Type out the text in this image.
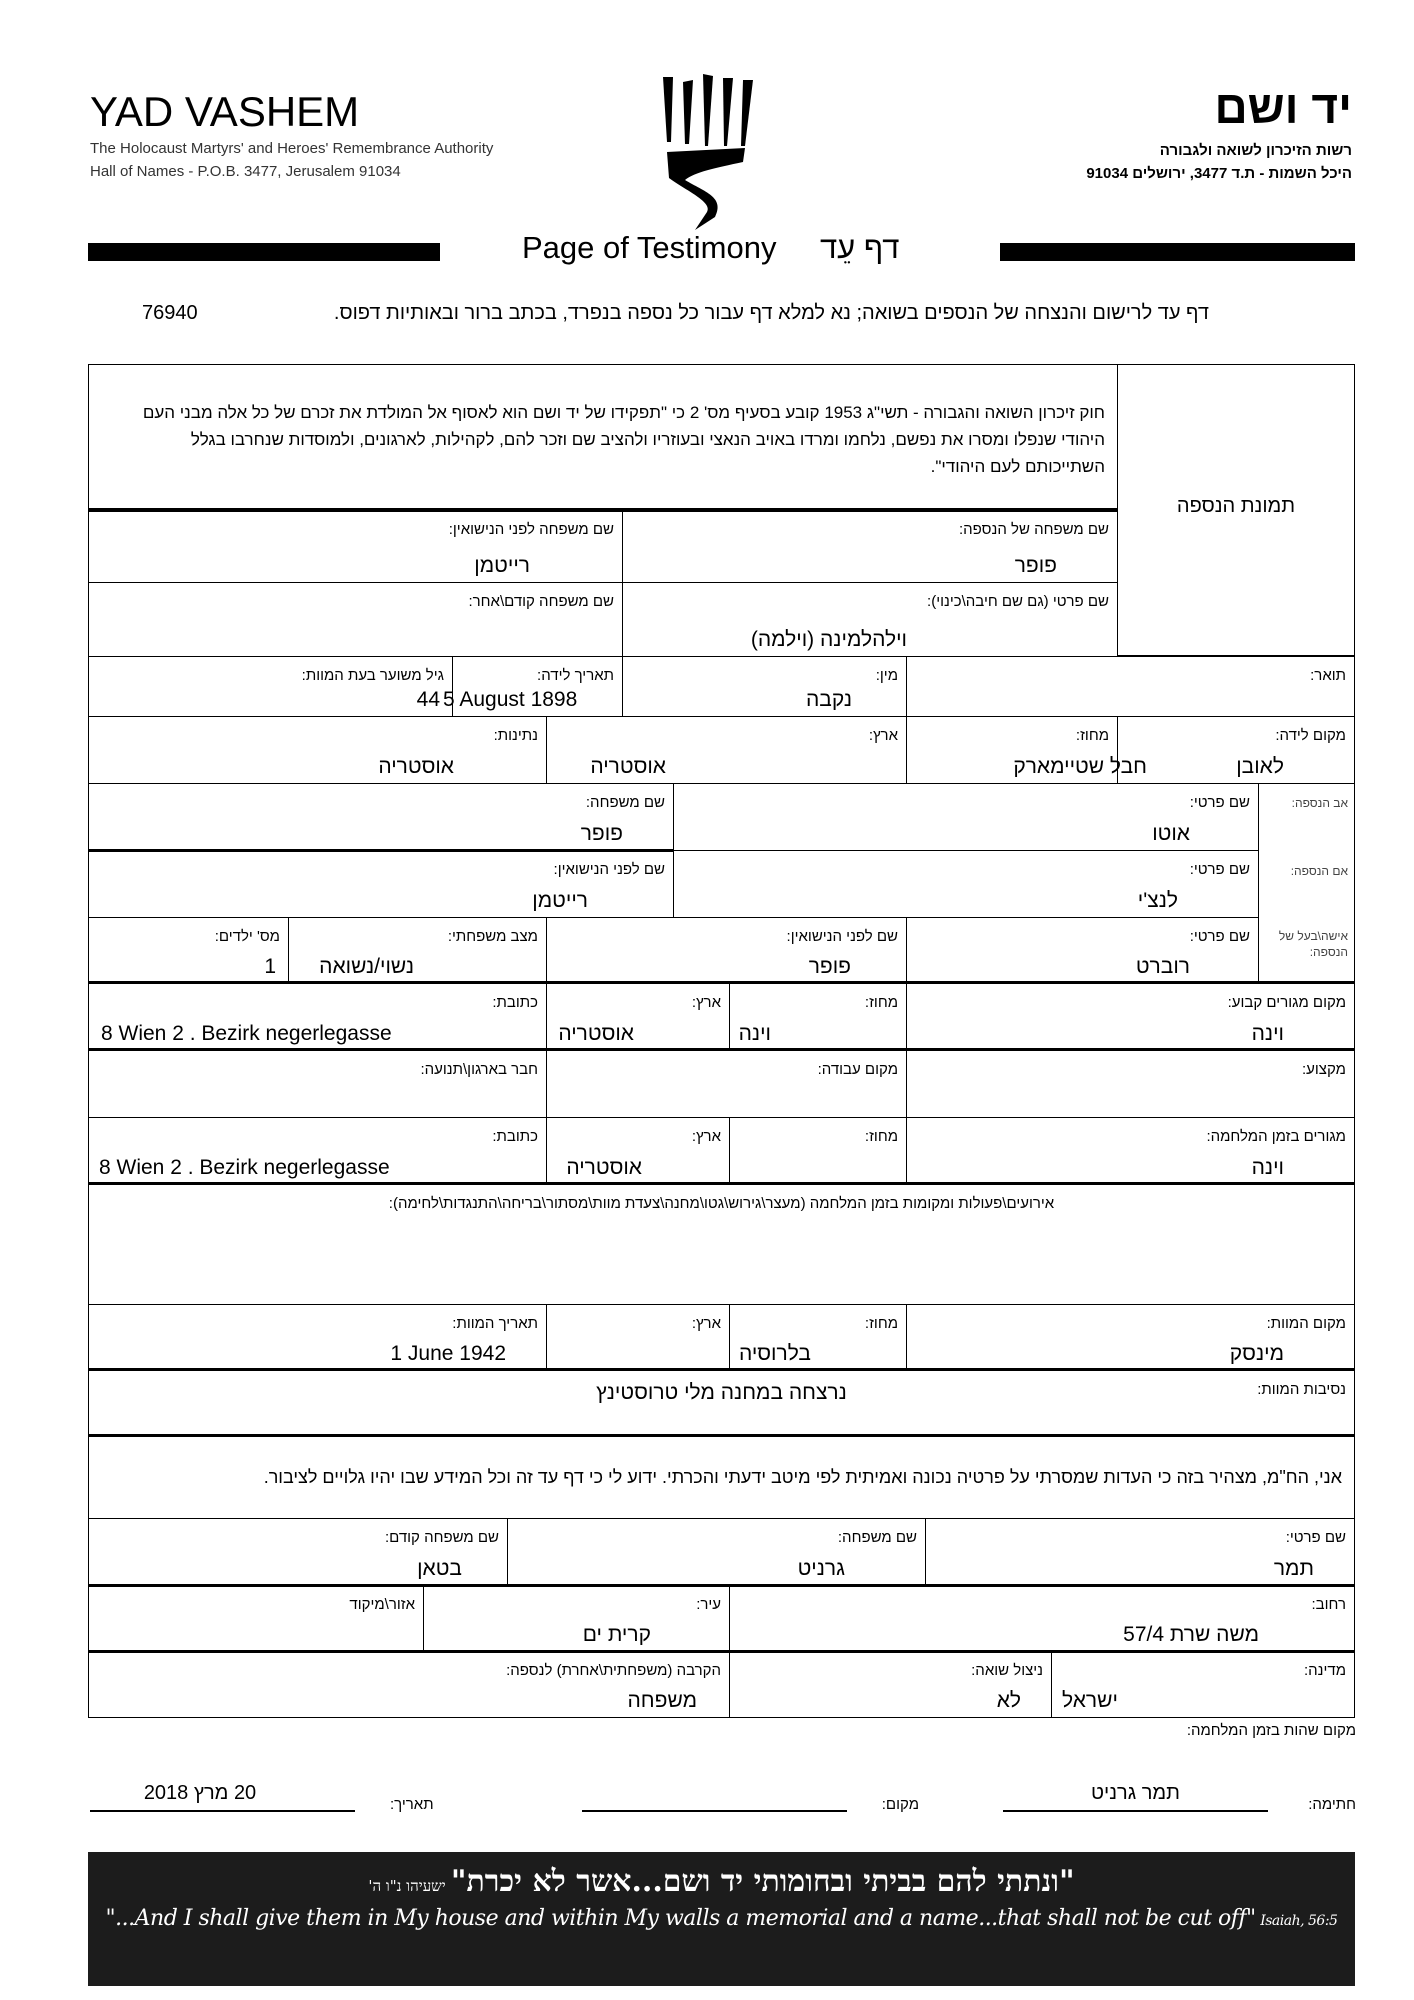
YAD VASHEM
The Holocaust Martyrs' and Heroes' Remembrance Authority
Hall of Names - P.O.B. 3477, Jerusalem 91034
יד ושם
רשות הזיכרון לשואה ולגבורה
היכל השמות - ת.ד 3477, ירושלים 91034
Page of Testimony דף עֵד
דף עד לרישום והנצחה של הנספים בשואה; נא למלא דף עבור כל נספה בנפרד, בכתב ברור ובאותיות דפוס.
76940
חוק זיכרון השואה והגבורה - תשי"ג 1953 קובע בסעיף מס' 2 כי "תפקידו של יד ושם הוא לאסוף אל המולדת את זכרם של כל אלה מבני העם היהודי שנפלו ומסרו את נפשם, נלחמו ומרדו באויב הנאצי ובעוזריו ולהציב שם וזכר להם, לקהילות, לארגונים, ולמוסדות שנחרבו בגלל השתייכותם לעם היהודי".
תמונת הנספה
שם משפחה של הנספה:
פופר
שם משפחה לפני הנישואין:
רייטמן
שם פרטי (גם שם חיבה\כינוי):
וילהלמינה (וילמה)
שם משפחה קודם\אחר:
תואר:
מין:
נקבה
תאריך לידה:
5 August 1898
גיל משוער בעת המוות:
44
מקום לידה:
לאובן
מחוז:
חבל שטיימארק
ארץ:
אוסטריה
נתינות:
אוסטריה
אב הנספה:
אם הנספה:
אישה\בעל של הנספה:
שם פרטי:
אוטו
שם משפחה:
פופר
שם פרטי:
לנצ'י
שם לפני הנישואין:
רייטמן
שם פרטי:
רוברט
שם לפני הנישואין:
פופר
מצב משפחתי:
נשוי/נשואה
מס' ילדים:
1
מקום מגורים קבוע:
וינה
מחוז:
וינה
ארץ:
אוסטריה
כתובת:
8 Wien 2 . Bezirk negerlegasse
מקצוע:
מקום עבודה:
חבר בארגון\תנועה:
מגורים בזמן המלחמה:
וינה
מחוז:
ארץ:
אוסטריה
כתובת:
8 Wien 2 . Bezirk negerlegasse
אירועים\פעולות ומקומות בזמן המלחמה (מעצר\גירוש\גטו\מחנה\צעדת מוות\מסתור\בריחה\התנגדות\לחימה):
מקום המוות:
מינסק
מחוז:
בלרוסיה
ארץ:
תאריך המוות:
1 June 1942
נסיבות המוות:
נרצחה במחנה מלי טרוסטינץ
אני, הח"מ, מצהיר בזה כי העדות שמסרתי על פרטיה נכונה ואמיתית לפי מיטב ידעתי והכרתי. ידוע לי כי דף עד זה וכל המידע שבו יהיו גלויים לציבור.
שם פרטי:
תמר
שם משפחה:
גרניט
שם משפחה קודם:
בטאן
רחוב:
משה שרת 57/4
עיר:
קרית ים
אזור\מיקוד
מדינה:
ישראל
ניצול שואה:
לא
הקרבה (משפחתית\אחרת) לנספה:
משפחה
מקום שהות בזמן המלחמה:
חתימה:
תמר גרניט
מקום:
תאריך:
20 מרץ 2018
"ונתתי להם בביתי ובחומותי יד ושם...אשר לא יכרת" ישעיהו נ"ו ה'
"...And I shall give them in My house and within My walls a memorial and a name...that shall not be cut off" Isaiah, 56:5
